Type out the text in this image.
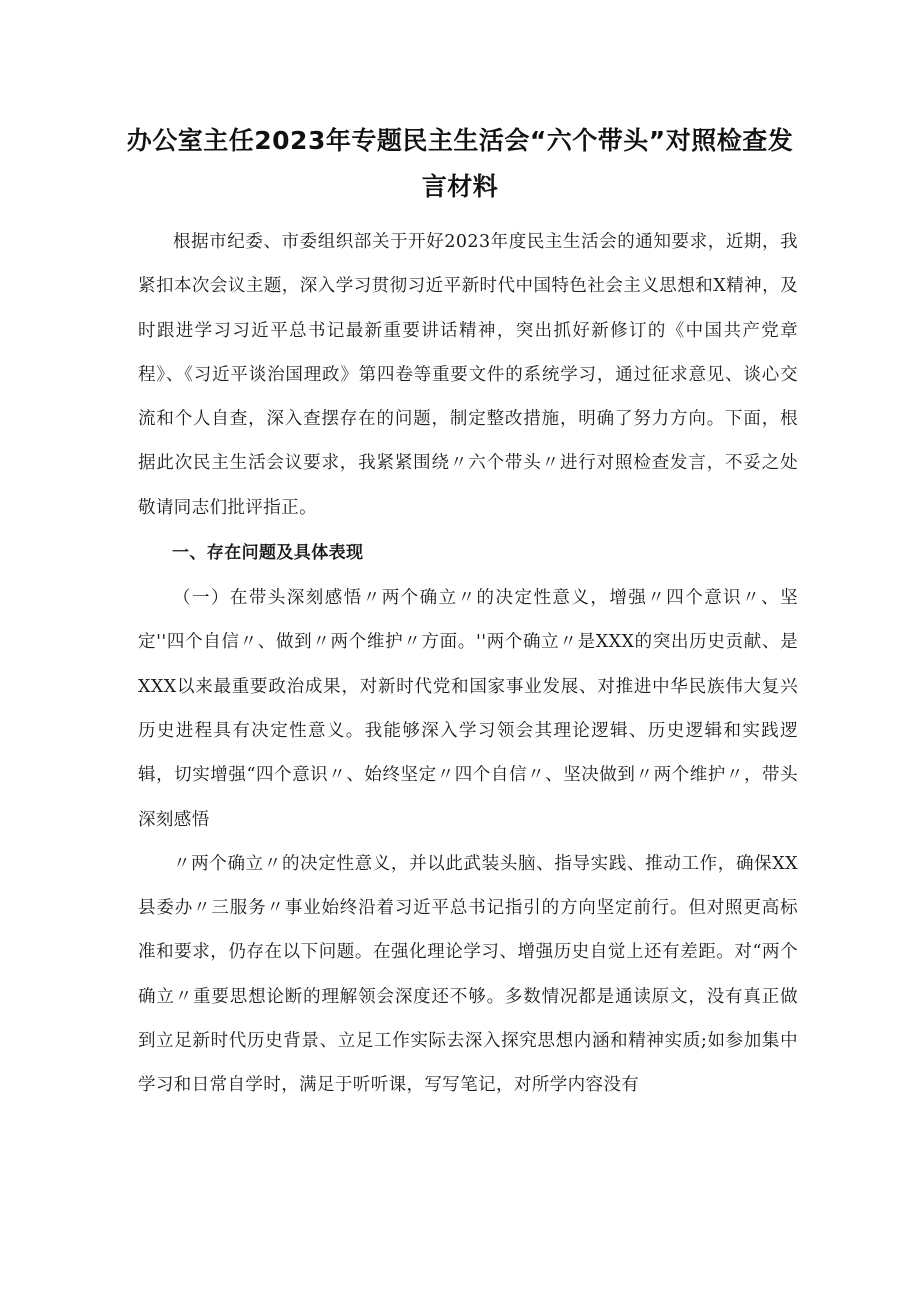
办公室主任2023年专题民主生活会“六个带头”对照检查发
言材料

根据市纪委、市委组织部关于开好2023年度民主生活会的通知要求，近期，我紧扣本次会议主题，深入学习贯彻习近平新时代中国特色社会主义思想和X精神，及时跟进学习习近平总书记最新重要讲话精神，突出抓好新修订的《中国共产党章程》、《习近平谈治国理政》第四卷等重要文件的系统学习，通过征求意见、谈心交流和个人自查，深入查摆存在的问题，制定整改措施，明确了努力方向。下面，根据此次民主生活会议要求，我紧紧围绕〃六个带头〃进行对照检查发言，不妥之处敬请同志们批评指正。

一、存在问题及具体表现

（一）在带头深刻感悟〃两个确立〃的决定性意义，增强〃四个意识〃、坚定''四个自信〃、做到〃两个维护〃方面。''两个确立〃是XXX的突出历史贡献、是XXX以来最重要政治成果，对新时代党和国家事业发展、对推进中华民族伟大复兴历史进程具有决定性意义。我能够深入学习领会其理论逻辑、历史逻辑和实践逻辑，切实增强“四个意识〃、始终坚定〃四个自信〃、坚决做到〃两个维护〃，带头深刻感悟

〃两个确立〃的决定性意义，并以此武装头脑、指导实践、推动工作，确保XX县委办〃三服务〃事业始终沿着习近平总书记指引的方向坚定前行。但对照更高标准和要求，仍存在以下问题。在强化理论学习、增强历史自觉上还有差距。对“两个确立〃重要思想论断的理解领会深度还不够。多数情况都是通读原文，没有真正做到立足新时代历史背景、立足工作实际去深入探究思想内涵和精神实质;如参加集中学习和日常自学时，满足于听听课，写写笔记，对所学内容没有
